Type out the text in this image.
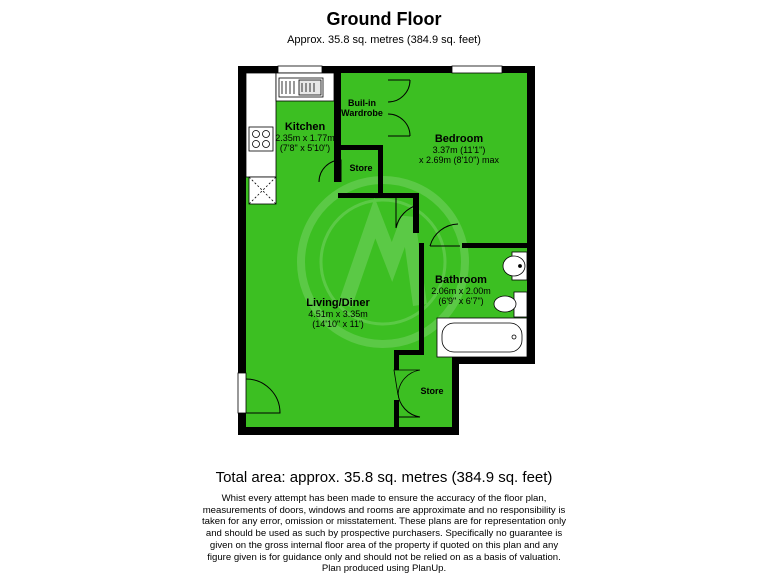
Ground Floor
Approx. 35.8 sq. metres (384.9 sq. feet)
Kitchen
2.35m x 1.77m
(7'8" x 5'10")
Buil-in
Wardrobe
Store
Bedroom
3.37m (11'1")
x 2.69m (8'10") max
Bathroom
2.06m x 2.00m
(6'9" x 6'7")
Living/Diner
4.51m x 3.35m
(14'10" x 11')
Store
Total area: approx. 35.8 sq. metres (384.9 sq. feet)
Whist every attempt has been made to ensure the accuracy of the floor plan, measurements of doors, windows and rooms are approximate and no responsibility is taken for any error, omission or misstatement. These plans are for representation only and should be used as such by prospective purchasers. Specifically no guarantee is given on the gross internal floor area of the property if quoted on this plan and any figure given is for guidance only and should not be relied on as a basis of valuation. Plan produced using PlanUp.
